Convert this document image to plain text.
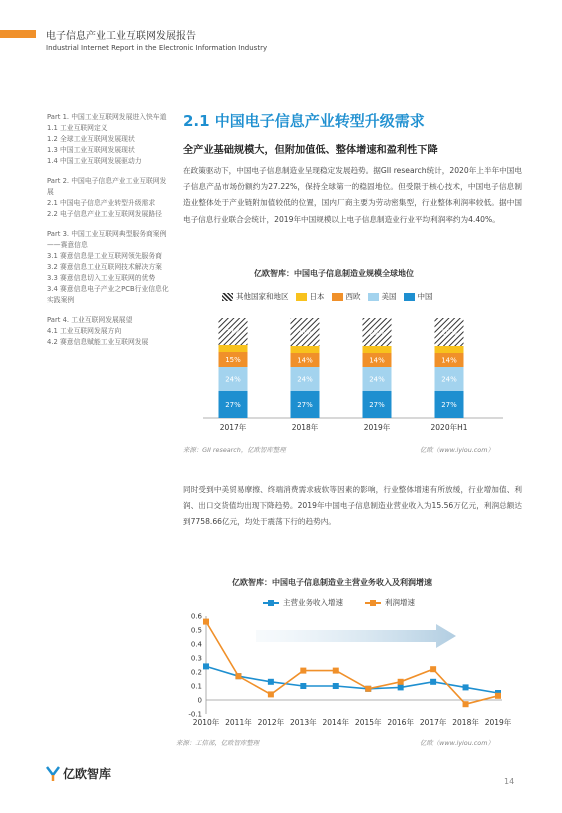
电子信息产业工业互联网发展报告
Industrial Internet Report in the Electronic Information Industry
Part 1. 中国工业互联网发展进入快车道
1.1 工业互联网定义
1.2 全球工业互联网发展现状
1.3 中国工业互联网发展现状
1.4 中国工业互联网发展驱动力
Part 2. 中国电子信息产业工业互联网发展
2.1 中国电子信息产业转型升级需求
2.2 电子信息产业工业互联网发展路径
Part 3. 中国工业互联网典型服务商案例——赛意信息
3.1 赛意信息是工业互联网领先服务商
3.2 赛意信息工业互联网技术解决方案
3.3 赛意信息切入工业互联网的优势
3.4 赛意信息电子产业之PCB行业信息化实践案例
Part 4. 工业互联网发展展望
4.1 工业互联网发展方向
4.2 赛意信息赋能工业互联网发展
2.1 中国电子信息产业转型升级需求
全产业基础规模大，但附加值低、整体增速和盈利性下降
在政策驱动下，中国电子信息制造业呈现稳定发展趋势。据GII research统计，2020年上半年中国电子信息产品市场份额约为27.22%，保持全球第一的稳固地位。但受限于核心技术，中国电子信息制造业整体处于产业链附加值较低的位置，国内厂商主要为劳动密集型，行业整体利润率较低。据中国电子信息行业联合会统计，2019年中国规模以上电子信息制造业行业平均利润率约为4.40%。
亿欧智库：中国电子信息制造业规模全球地位
其他国家和地区	日本	西欧	美国	中国
27%
24%
15%
27%
2017年
27%
24%
14%
28%
2018年
27%
24%
14%
28%
2019年
27%
24%
14%
28%
2020年H1
来源：GII research，亿欧智库整理	亿欧（www.iyiou.com）
同时受到中美贸易摩擦、终端消费需求疲软等因素的影响，行业整体增速有所放缓，行业增加值、利润、出口交货值均出现下降趋势。2019年中国电子信息制造业营业收入为15.56万亿元，利润总额达到7758.66亿元，均处于震荡下行的趋势内。
亿欧智库：中国电子信息制造业主营业务收入及利润增速
主营业务收入增速	利润增速
0.6
0.5
0.4
0.3
0.2
0.1
0
-0.1
2010年 2011年 2012年 2013年 2014年 2015年 2016年 2017年 2018年 2019年
来源：工信部，亿欧智库整理	亿欧（www.iyiou.com）
亿欧智库
14
